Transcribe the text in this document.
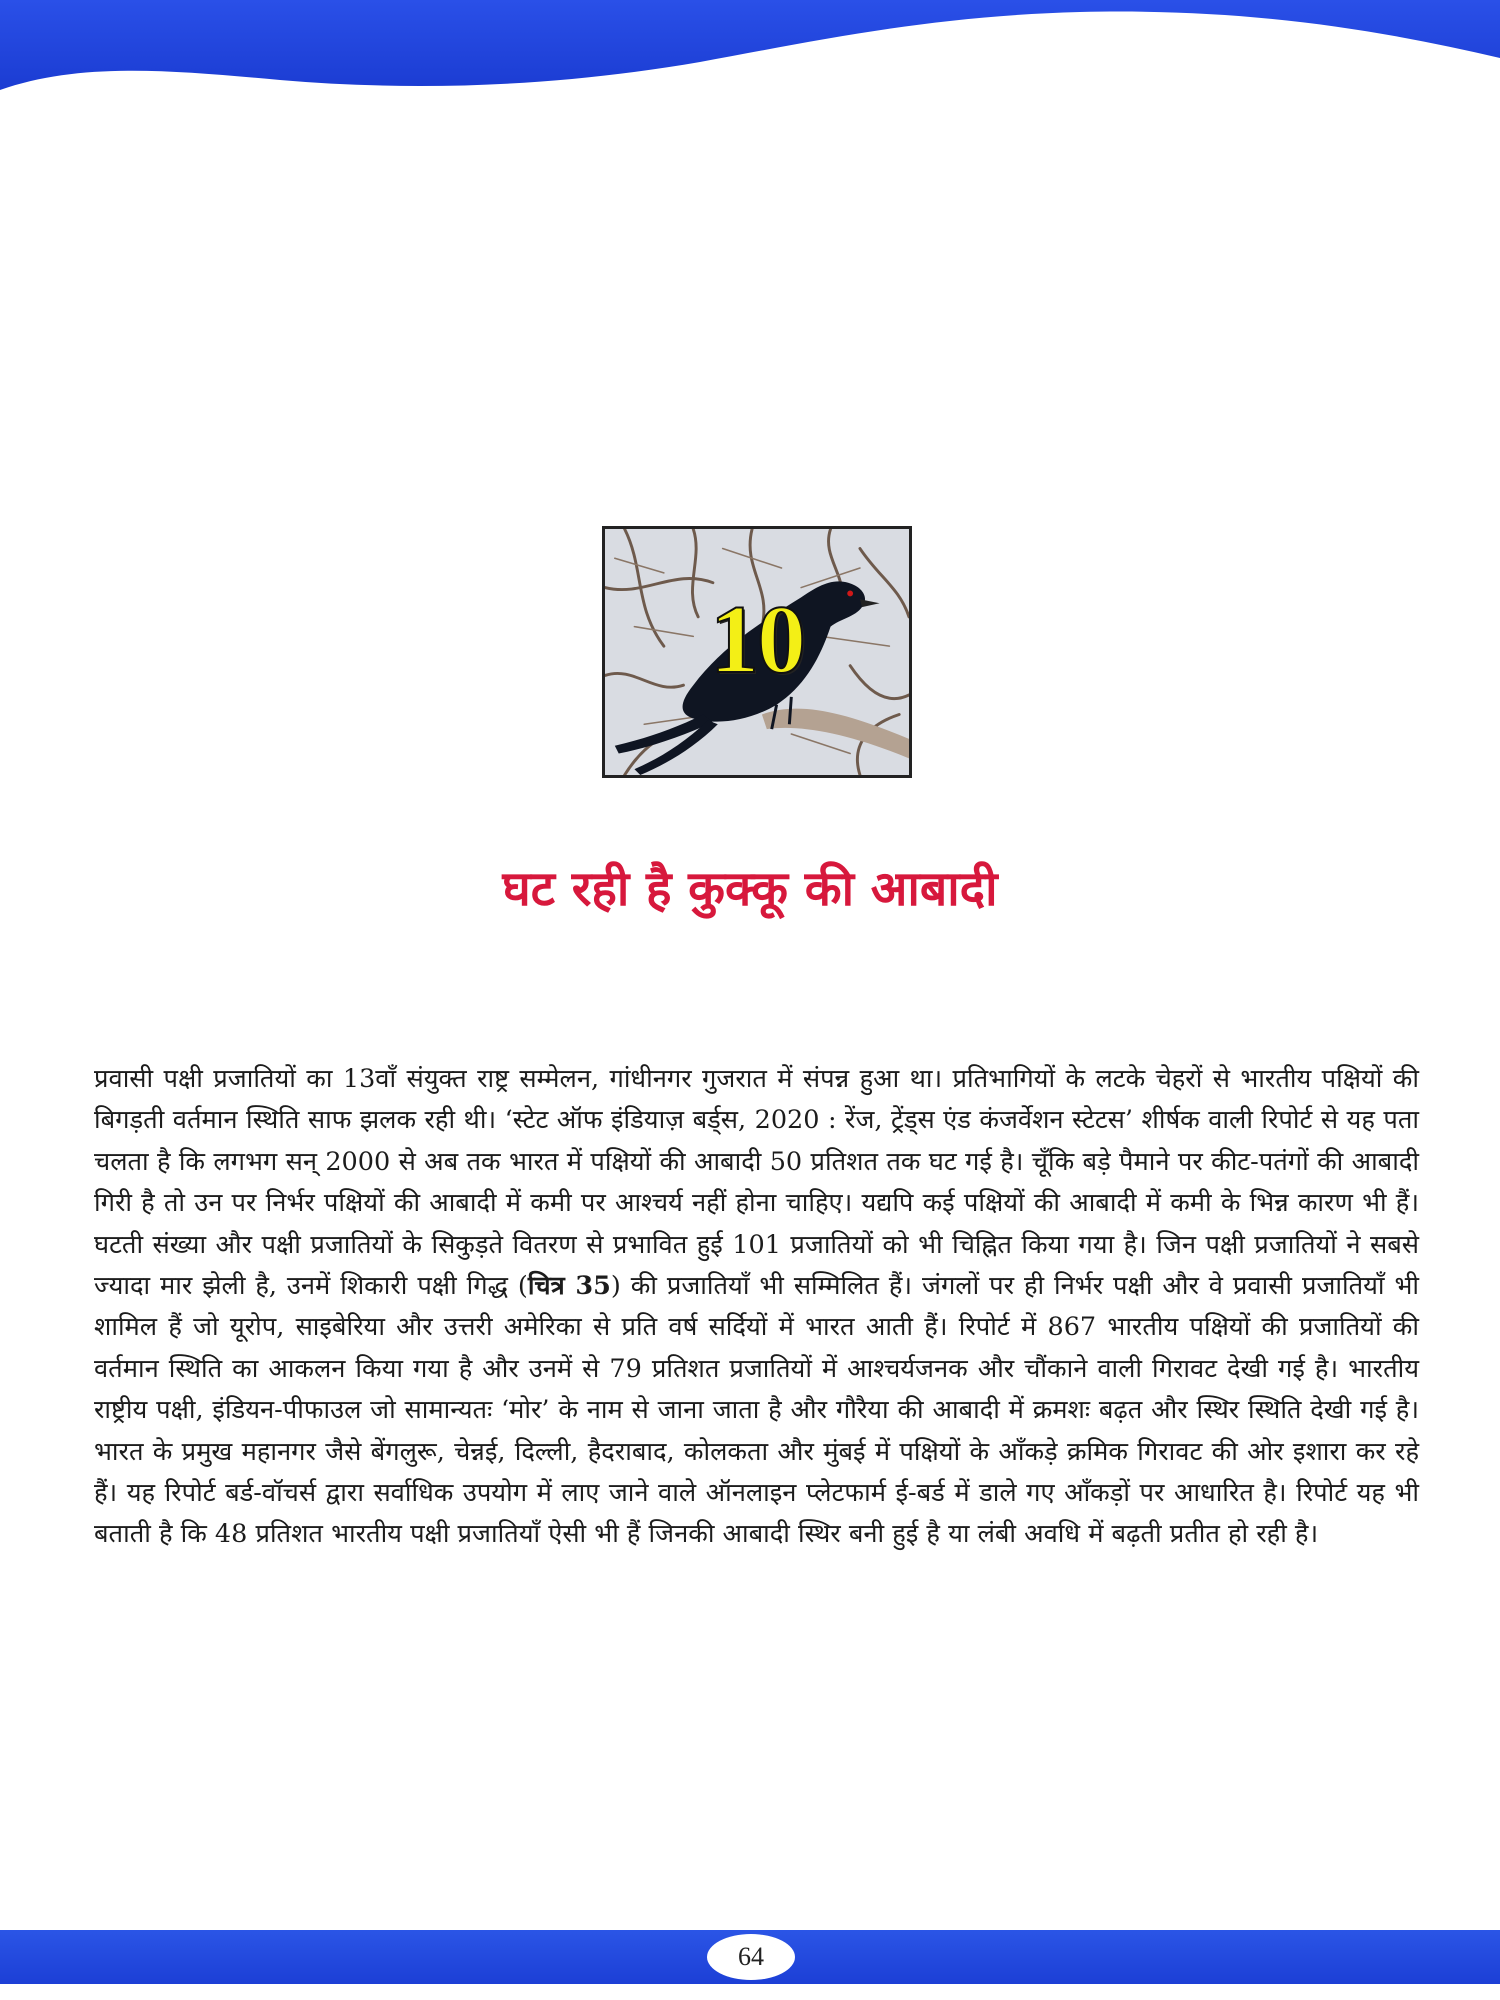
10
घट रही है कुक्कू की आबादी

प्रवासी पक्षी प्रजातियों का 13वाँ संयुक्त राष्ट्र सम्मेलन, गांधीनगर गुजरात में संपन्न हुआ था। प्रतिभागियों के लटके चेहरों से भारतीय पक्षियों की बिगड़ती वर्तमान स्थिति साफ झलक रही थी। ‘स्टेट ऑफ इंडियाज़ बर्ड्स, 2020 : रेंज, ट्रेंड्स एंड कंजर्वेशन स्टेटस’ शीर्षक वाली रिपोर्ट से यह पता चलता है कि लगभग सन् 2000 से अब तक भारत में पक्षियों की आबादी 50 प्रतिशत तक घट गई है। चूँकि बड़े पैमाने पर कीट-पतंगों की आबादी गिरी है तो उन पर निर्भर पक्षियों की आबादी में कमी पर आश्चर्य नहीं होना चाहिए। यद्यपि कई पक्षियों की आबादी में कमी के भिन्न कारण भी हैं। घटती संख्या और पक्षी प्रजातियों के सिकुड़ते वितरण से प्रभावित हुई 101 प्रजातियों को भी चिह्नित किया गया है। जिन पक्षी प्रजातियों ने सबसे ज्यादा मार झेली है, उनमें शिकारी पक्षी गिद्ध (चित्र 35) की प्रजातियाँ भी सम्मिलित हैं। जंगलों पर ही निर्भर पक्षी और वे प्रवासी प्रजातियाँ भी शामिल हैं जो यूरोप, साइबेरिया और उत्तरी अमेरिका से प्रति वर्ष सर्दियों में भारत आती हैं। रिपोर्ट में 867 भारतीय पक्षियों की प्रजातियों की वर्तमान स्थिति का आकलन किया गया है और उनमें से 79 प्रतिशत प्रजातियों में आश्चर्यजनक और चौंकाने वाली गिरावट देखी गई है। भारतीय राष्ट्रीय पक्षी, इंडियन-पीफाउल जो सामान्यतः ‘मोर’ के नाम से जाना जाता है और गौरैया की आबादी में क्रमशः बढ़त और स्थिर स्थिति देखी गई है। भारत के प्रमुख महानगर जैसे बेंगलुरू, चेन्नई, दिल्ली, हैदराबाद, कोलकता और मुंबई में पक्षियों के आँकड़े क्रमिक गिरावट की ओर इशारा कर रहे हैं। यह रिपोर्ट बर्ड-वॉचर्स द्वारा सर्वाधिक उपयोग में लाए जाने वाले ऑनलाइन प्लेटफार्म ई-बर्ड में डाले गए आँकड़ों पर आधारित है। रिपोर्ट यह भी बताती है कि 48 प्रतिशत भारतीय पक्षी प्रजातियाँ ऐसी भी हैं जिनकी आबादी स्थिर बनी हुई है या लंबी अवधि में बढ़ती प्रतीत हो रही है।

64
